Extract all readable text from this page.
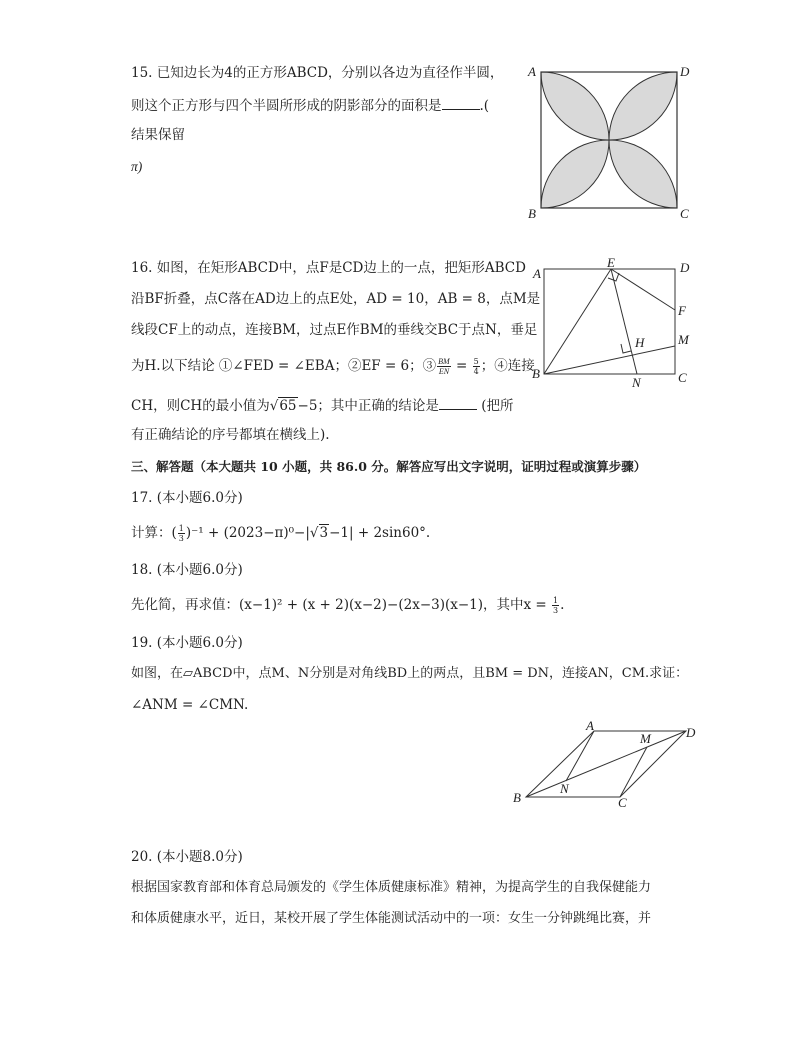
15. 已知边长为4的正方形ABCD，分别以各边为直径作半圆，
则这个正方形与四个半圆所形成的阴影部分的面积是	.(
结果保留
π)
A	D
B	C
16. 如图，在矩形ABCD中，点F是CD边上的一点，把矩形ABCD
沿BF折叠，点C落在AD边上的点E处，AD = 10，AB = 8，点M是
线段CF上的动点，连接BM，过点E作BM的垂线交BC于点N，垂足
为H.以下结论 ①∠FED = ∠EBA；②EF = 6；③ $\frac{BM}{EN} = \frac{5}{4}$ ；④连接
CH，则CH的最小值为√65−5；其中正确的结论是	(把所
有正确结论的序号都填在横线上).
A
E	D
F
M
H
B
N	C
三、解答题（本大题共 10 小题，共 86.0 分。解答应写出文字说明，证明过程或演算步骤）
17. (本小题6.0分)
计算：( $\frac{1}{3} )^{-1} + (2023-\pi)^0-|√3-1| + 2\sin 60^\circ$.
18. (本小题6.0分)
先化简，再求值：(x−1)² + (x + 2)(x−2)−(2x−3)(x−1)，其中$x = \frac{1}{3}$ .
19. (本小题6.0分)
如图，在▱ABCD中，点M、N分别是对角线BD上的两点，且BM = DN，连接AN，CM.求证：
∠ANM = ∠CMN.
A
M	D
B
N
C
20. (本小题8.0分)
根据国家教育部和体育总局颁发的《学生体质健康标准》精神，为提高学生的自我保健能力
和体质健康水平，近日，某校开展了学生体能测试活动中的一项：女生一分钟跳绳比赛，并
